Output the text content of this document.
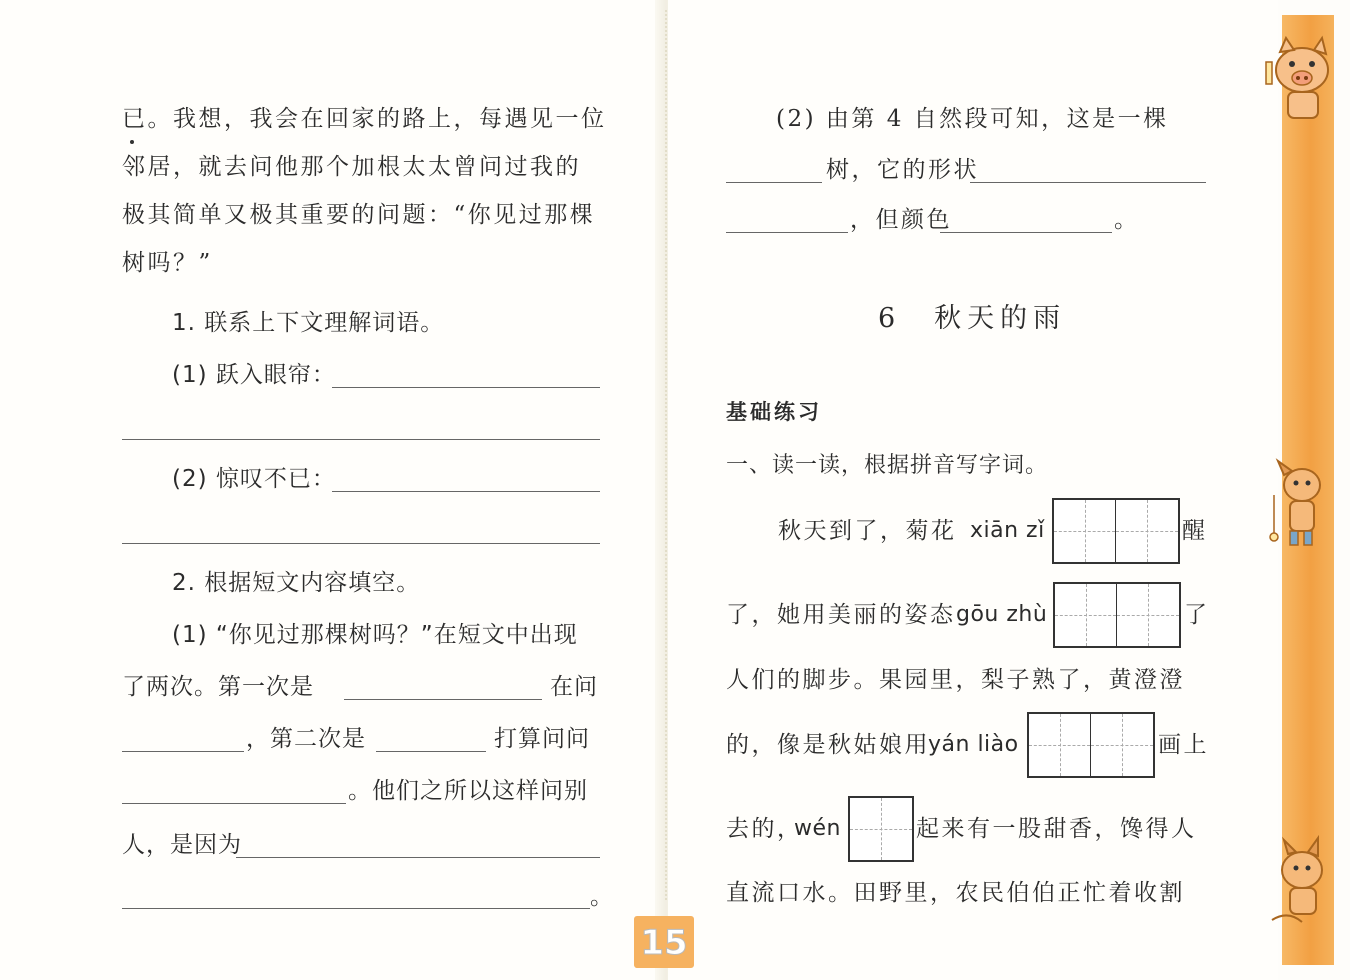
已。我想，我会在回家的路上，每遇见一位
邻居，就去问他那个加根太太曾问过我的
极其简单又极其重要的问题：“你见过那棵
树吗？”
1. 联系上下文理解词语。
(1) 跃入眼帘：
(2) 惊叹不已：
2. 根据短文内容填空。
(1) “你见过那棵树吗？”在短文中出现
了两次。第一次是	在问
，第二次是	打算问问
。他们之所以这样问别
人，是因为
。
(2) 由第 4 自然段可知，这是一棵
树，它的形状
，但颜色	。
6　秋天的雨
基础练习
一、读一读，根据拼音写字词。
秋天到了，菊花 xiān zǐ	醒
了，她用美丽的姿态 gōu zhù	了
人们的脚步。果园里，梨子熟了，黄澄澄
的，像是秋姑娘用
yán liào	画上
去的，
wén	起来有一股甜香，馋得人
直流口水。田野里，农民伯伯正忙着收割
15
